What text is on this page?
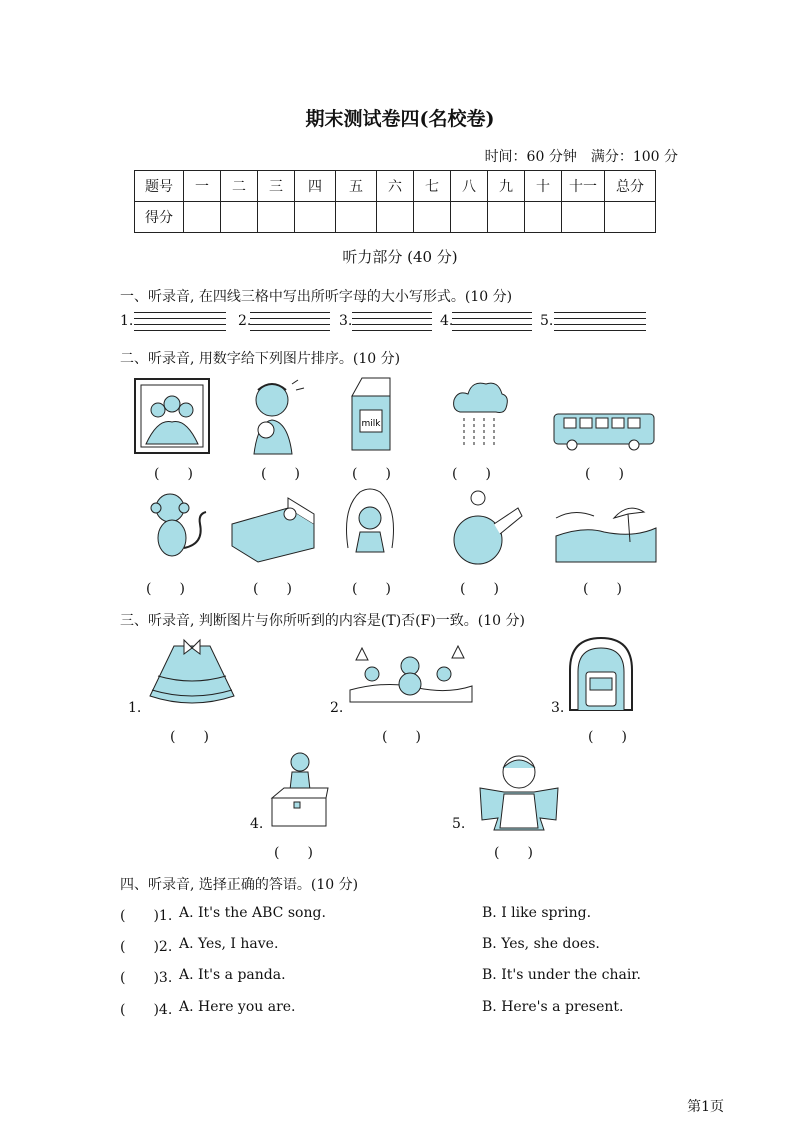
期末测试卷四(名校卷)
时间：60 分钟　满分：100 分
题号	一	二	三	四	五	六	七	八	九	十	十一	总分
得分												
听力部分 (40 分)
一、听录音, 在四线三格中写出所听字母的大小写形式。(10 分)
1.	2.	3.	4.	5.
二、听录音, 用数字给下列图片排序。(10 分)
milk
(　　)	(　　)	(　　)	(　　)	(　　)
(　　)	(　　)	(　　)	(　　)	(　　)
三、听录音, 判断图片与你所听到的内容是(T)否(F)一致。(10 分)
1.
(　　)
2.
(　　)
3.
(　　)
4.
(　　)
5.
(　　)
四、听录音, 选择正确的答语。(10 分)
(　　)1. A. It's the ABC song.	B. I like spring.
(　　)2. A. Yes, I have.	B. Yes, she does.
(　　)3. A. It's a panda.	B. It's under the chair.
(　　)4. A. Here you are.	B. Here's a present.
第1页
